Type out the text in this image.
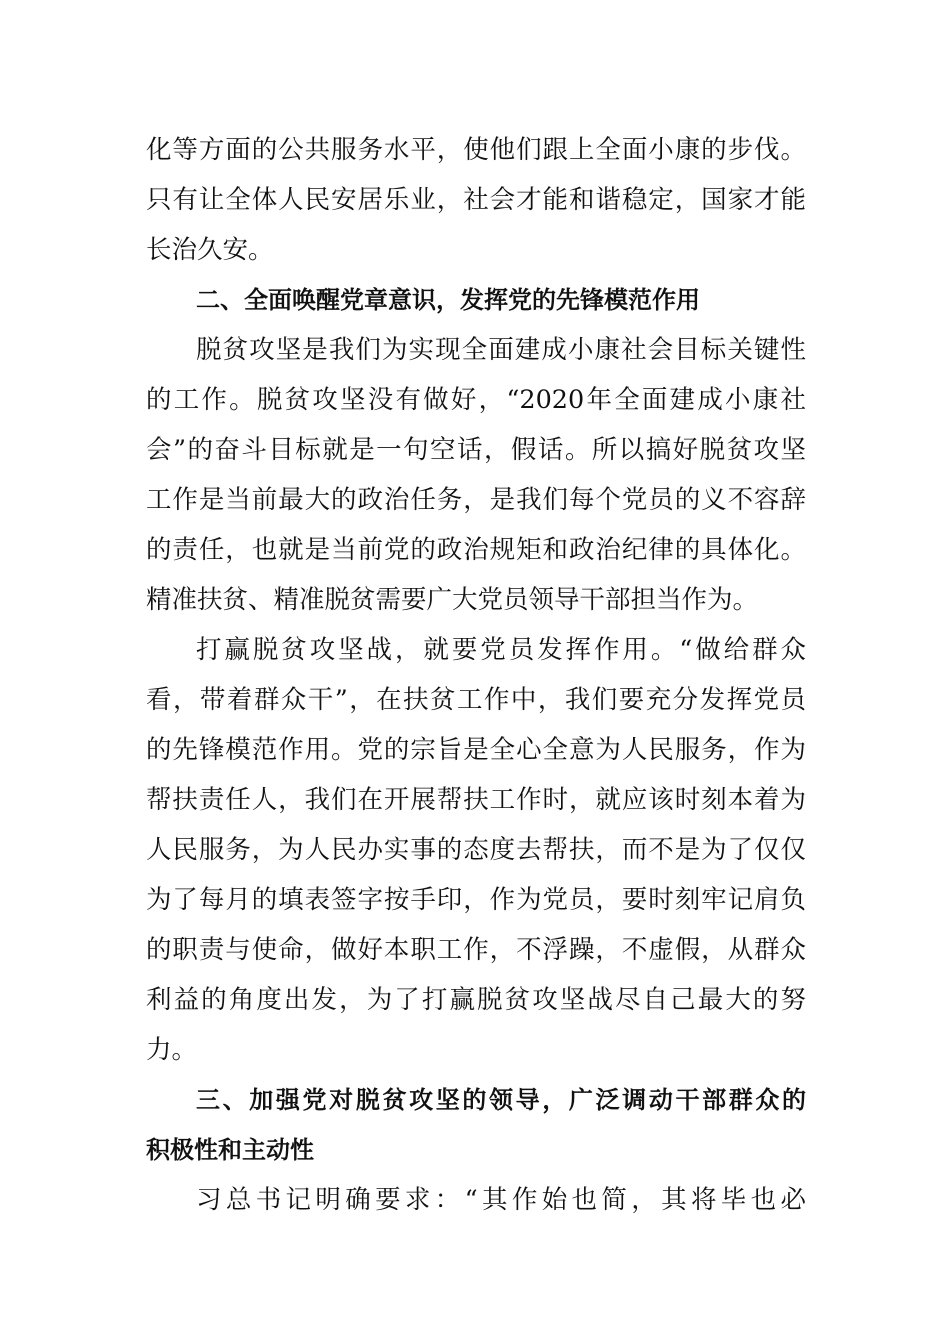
化等方面的公共服务水平，使他们跟上全面小康的步伐。
只有让全体人民安居乐业，社会才能和谐稳定，国家才能
长治久安。
二、全面唤醒党章意识，发挥党的先锋模范作用
脱贫攻坚是我们为实现全面建成小康社会目标关键性
的工作。脱贫攻坚没有做好，“2020年全面建成小康社
会”的奋斗目标就是一句空话，假话。所以搞好脱贫攻坚
工作是当前最大的政治任务，是我们每个党员的义不容辞
的责任，也就是当前党的政治规矩和政治纪律的具体化。
精准扶贫、精准脱贫需要广大党员领导干部担当作为。
打赢脱贫攻坚战，就要党员发挥作用。“做给群众
看，带着群众干”，在扶贫工作中，我们要充分发挥党员
的先锋模范作用。党的宗旨是全心全意为人民服务，作为
帮扶责任人，我们在开展帮扶工作时，就应该时刻本着为
人民服务，为人民办实事的态度去帮扶，而不是为了仅仅
为了每月的填表签字按手印，作为党员，要时刻牢记肩负
的职责与使命，做好本职工作，不浮躁，不虚假，从群众
利益的角度出发，为了打赢脱贫攻坚战尽自己最大的努
力。
三、加强党对脱贫攻坚的领导，广泛调动干部群众的
积极性和主动性
习总书记明确要求：“其作始也简，其将毕也必
